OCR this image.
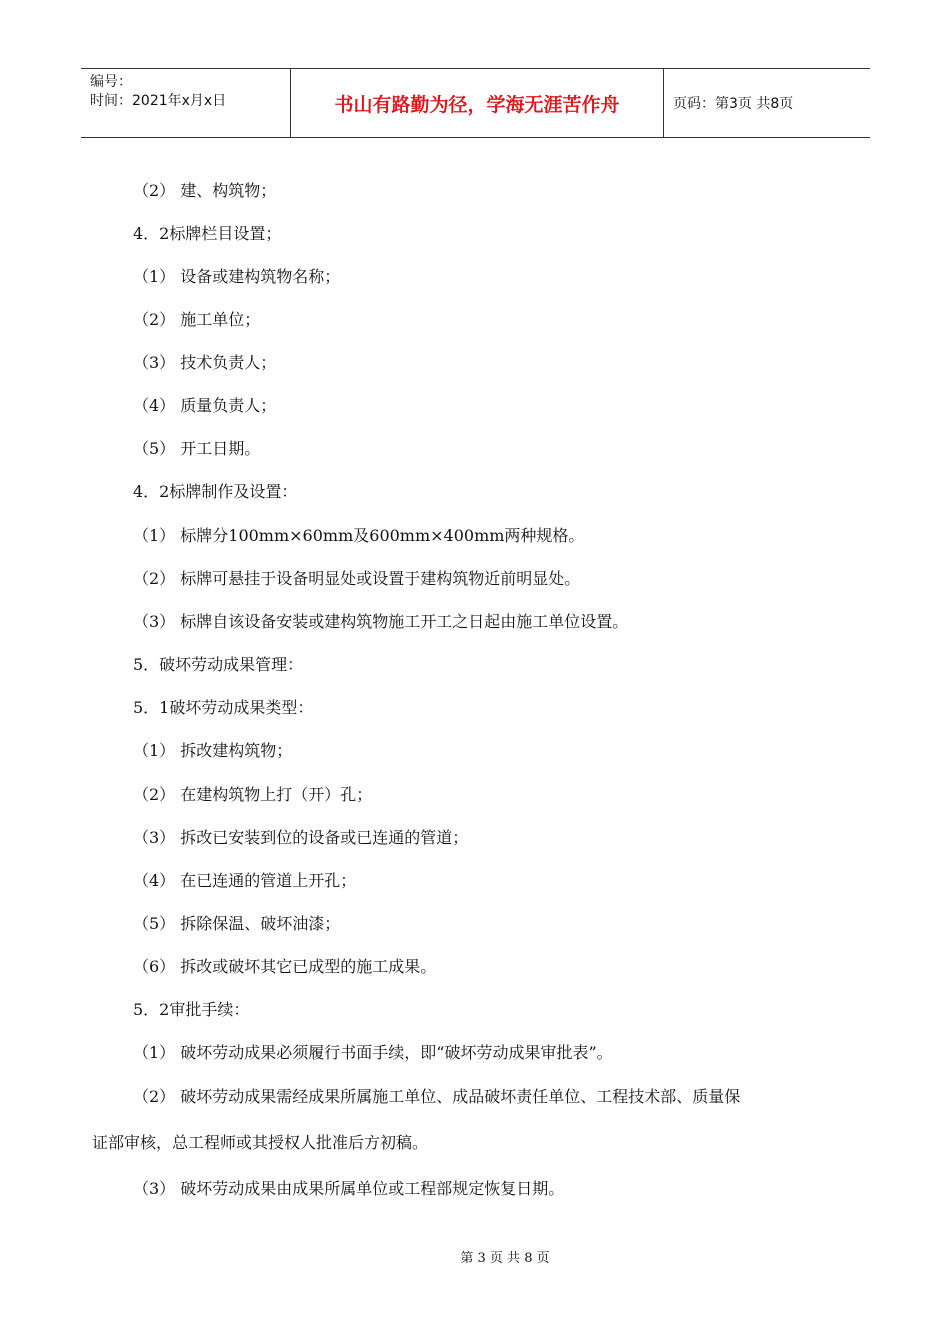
编号：
时间：2021年x月x日	书山有路勤为径，学海无涯苦作舟	页码：第3页 共8页
（2） 建、构筑物；
4．2标牌栏目设置；
（1） 设备或建构筑物名称；
（2） 施工单位；
（3） 技术负责人；
（4） 质量负责人；
（5） 开工日期。
4．2标牌制作及设置：
（1） 标牌分100mm×60mm及600mm×400mm两种规格。
（2） 标牌可悬挂于设备明显处或设置于建构筑物近前明显处。
（3） 标牌自该设备安装或建构筑物施工开工之日起由施工单位设置。
5．破坏劳动成果管理：
5．1破坏劳动成果类型：
（1） 拆改建构筑物；
（2） 在建构筑物上打（开）孔；
（3） 拆改已安装到位的设备或已连通的管道；
（4） 在已连通的管道上开孔；
（5） 拆除保温、破坏油漆；
（6） 拆改或破坏其它已成型的施工成果。
5．2审批手续：
（1） 破坏劳动成果必须履行书面手续，即“破坏劳动成果审批表”。
（2） 破坏劳动成果需经成果所属施工单位、成品破坏责任单位、工程技术部、质量保
证部审核，总工程师或其授权人批准后方初稿。
（3） 破坏劳动成果由成果所属单位或工程部规定恢复日期。
第 3 页 共 8 页
